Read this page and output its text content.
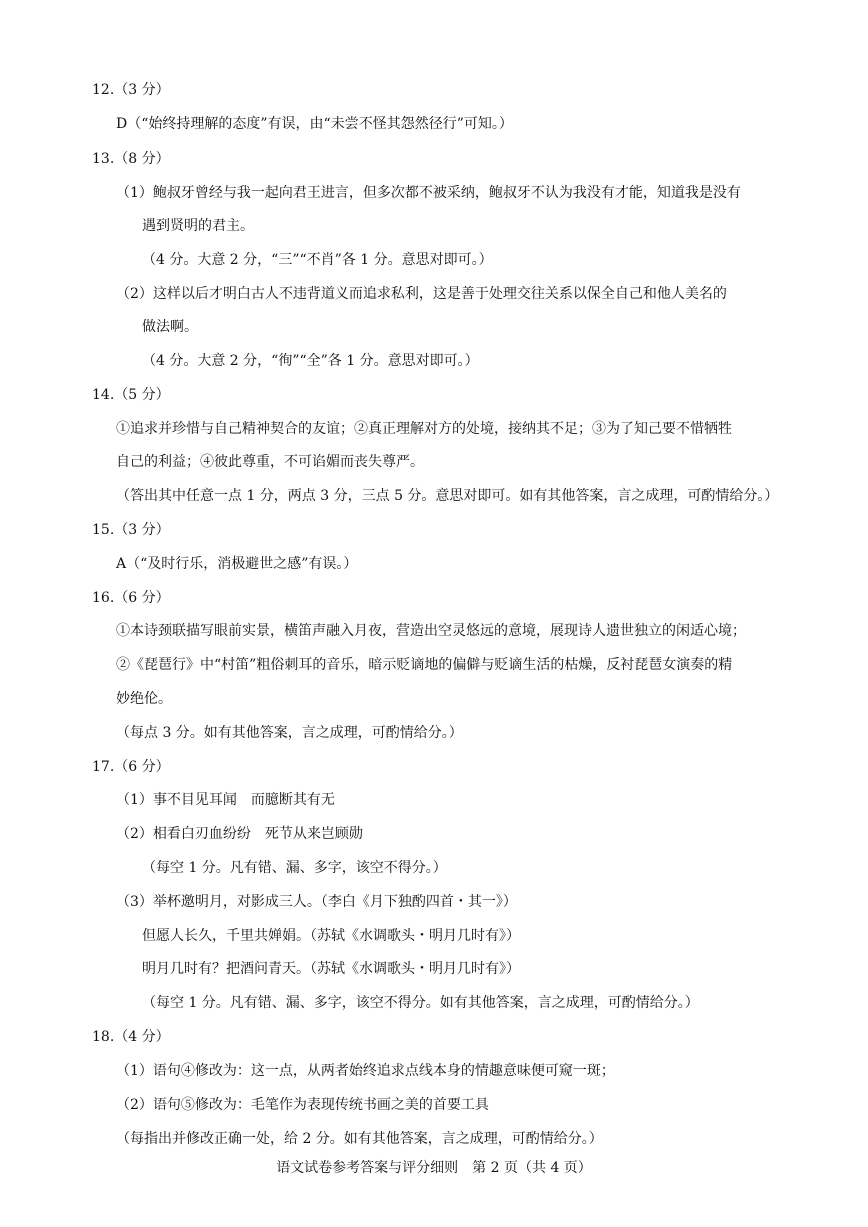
12.（3 分）
D（“始终持理解的态度”有误，由“未尝不怪其怨然径行”可知。）
13.（8 分）
（1）鲍叔牙曾经与我一起向君王进言，但多次都不被采纳，鲍叔牙不认为我没有才能，知道我是没有
遇到贤明的君主。
（4 分。大意 2 分，“三”“不肖”各 1 分。意思对即可。）
（2）这样以后才明白古人不违背道义而追求私利，这是善于处理交往关系以保全自己和他人美名的
做法啊。
（4 分。大意 2 分，“徇”“全”各 1 分。意思对即可。）
14.（5 分）
①追求并珍惜与自己精神契合的友谊；②真正理解对方的处境，接纳其不足；③为了知己要不惜牺牲
自己的利益；④彼此尊重，不可谄媚而丧失尊严。
（答出其中任意一点 1 分，两点 3 分，三点 5 分。意思对即可。如有其他答案，言之成理，可酌情给分。）
15.（3 分）
A（“及时行乐，消极避世之感”有误。）
16.（6 分）
①本诗颈联描写眼前实景，横笛声融入月夜，营造出空灵悠远的意境，展现诗人遗世独立的闲适心境；
②《琵琶行》中“村笛”粗俗刺耳的音乐，暗示贬谪地的偏僻与贬谪生活的枯燥，反衬琵琶女演奏的精
妙绝伦。
（每点 3 分。如有其他答案，言之成理，可酌情给分。）
17.（6 分）
（1）事不目见耳闻　而臆断其有无
（2）相看白刃血纷纷　死节从来岂顾勋
（每空 1 分。凡有错、漏、多字，该空不得分。）
（3）举杯邀明月，对影成三人。（李白《月下独酌四首・其一》）
但愿人长久，千里共婵娟。（苏轼《水调歌头・明月几时有》）
明月几时有？把酒问青天。（苏轼《水调歌头・明月几时有》）
（每空 1 分。凡有错、漏、多字，该空不得分。如有其他答案，言之成理，可酌情给分。）
18.（4 分）
（1）语句④修改为：这一点，从两者始终追求点线本身的情趣意味便可窥一斑；
（2）语句⑤修改为：毛笔作为表现传统书画之美的首要工具
（每指出并修改正确一处，给 2 分。如有其他答案，言之成理，可酌情给分。）
语文试卷参考答案与评分细则　第 2 页（共 4 页）
